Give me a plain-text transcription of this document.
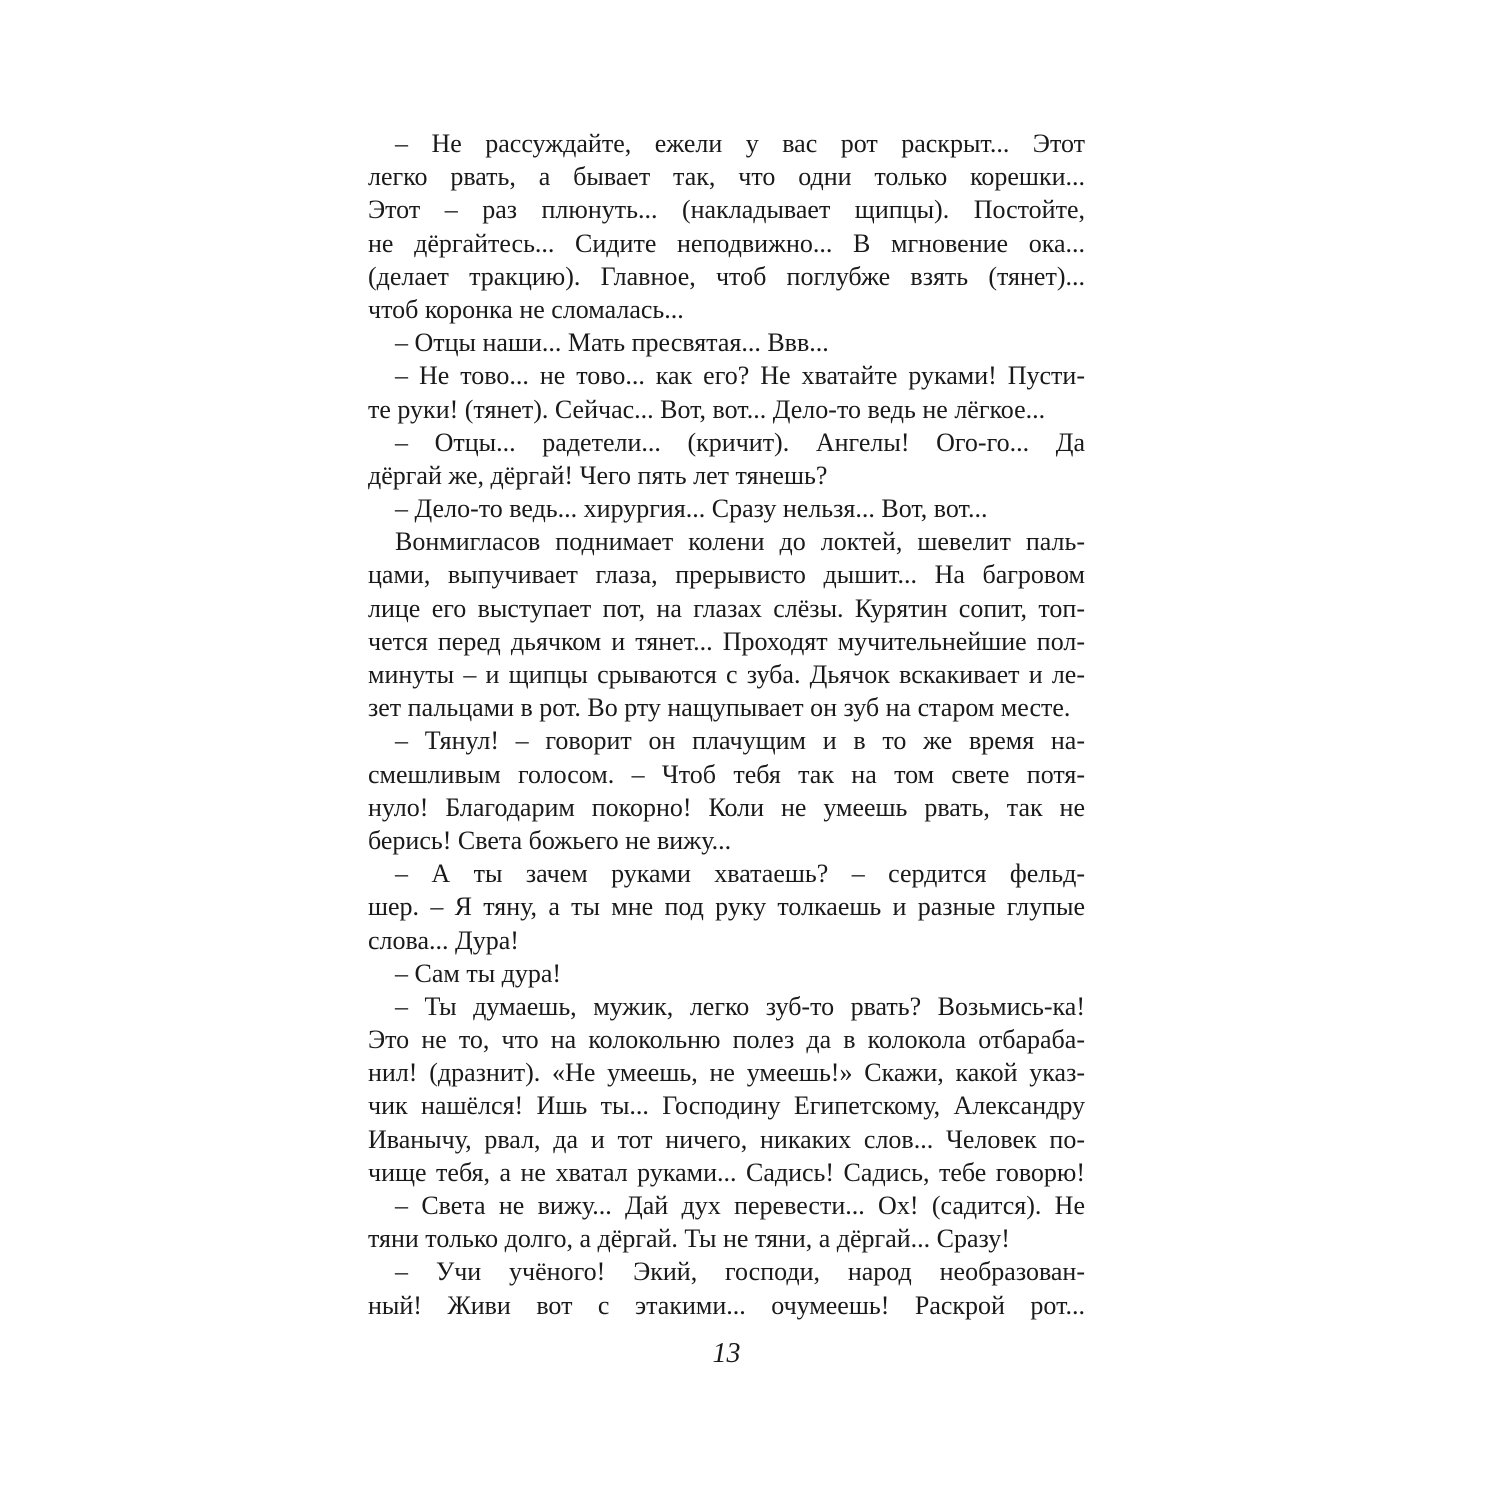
– Не рассуждайте, ежели у вас рот раскрыт... Этот
легко рвать, а бывает так, что одни только корешки...
Этот – раз плюнуть... (накладывает щипцы). Постойте,
не дёргайтесь... Сидите неподвижно... В мгновение ока...
(делает тракцию). Главное, чтоб поглубже взять (тянет)...
чтоб коронка не сломалась...
– Отцы наши... Мать пресвятая... Ввв...
– Не тово... не тово... как его? Не хватайте руками! Пусти-
те руки! (тянет). Сейчас... Вот, вот... Дело-то ведь не лёгкое...
– Отцы... радетели... (кричит). Ангелы! Ого-го... Да
дёргай же, дёргай! Чего пять лет тянешь?
– Дело-то ведь... хирургия... Сразу нельзя... Вот, вот...
Вонмигласов поднимает колени до локтей, шевелит паль-
цами, выпучивает глаза, прерывисто дышит... На багровом
лице его выступает пот, на глазах слёзы. Курятин сопит, топ-
чется перед дьячком и тянет... Проходят мучительнейшие пол-
минуты – и щипцы срываются с зуба. Дьячок вскакивает и ле-
зет пальцами в рот. Во рту нащупывает он зуб на старом месте.
– Тянул! – говорит он плачущим и в то же время на-
смешливым голосом. – Чтоб тебя так на том свете потя-
нуло! Благодарим покорно! Коли не умеешь рвать, так не
берись! Света божьего не вижу...
– А ты зачем руками хватаешь? – сердится фельд-
шер. – Я тяну, а ты мне под руку толкаешь и разные глупые
слова... Дура!
– Сам ты дура!
– Ты думаешь, мужик, легко зуб-то рвать? Возьмись-ка!
Это не то, что на колокольню полез да в колокола отбараба-
нил! (дразнит). «Не умеешь, не умеешь!» Скажи, какой указ-
чик нашёлся! Ишь ты... Господину Египетскому, Александру
Иванычу, рвал, да и тот ничего, никаких слов... Человек по-
чище тебя, а не хватал руками... Садись! Садись, тебе говорю!
– Света не вижу... Дай дух перевести... Ох! (садится). Не
тяни только долго, а дёргай. Ты не тяни, а дёргай... Сразу!
– Учи учёного! Экий, господи, народ необразован-
ный! Живи вот с этакими... очумеешь! Раскрой рот...
13
